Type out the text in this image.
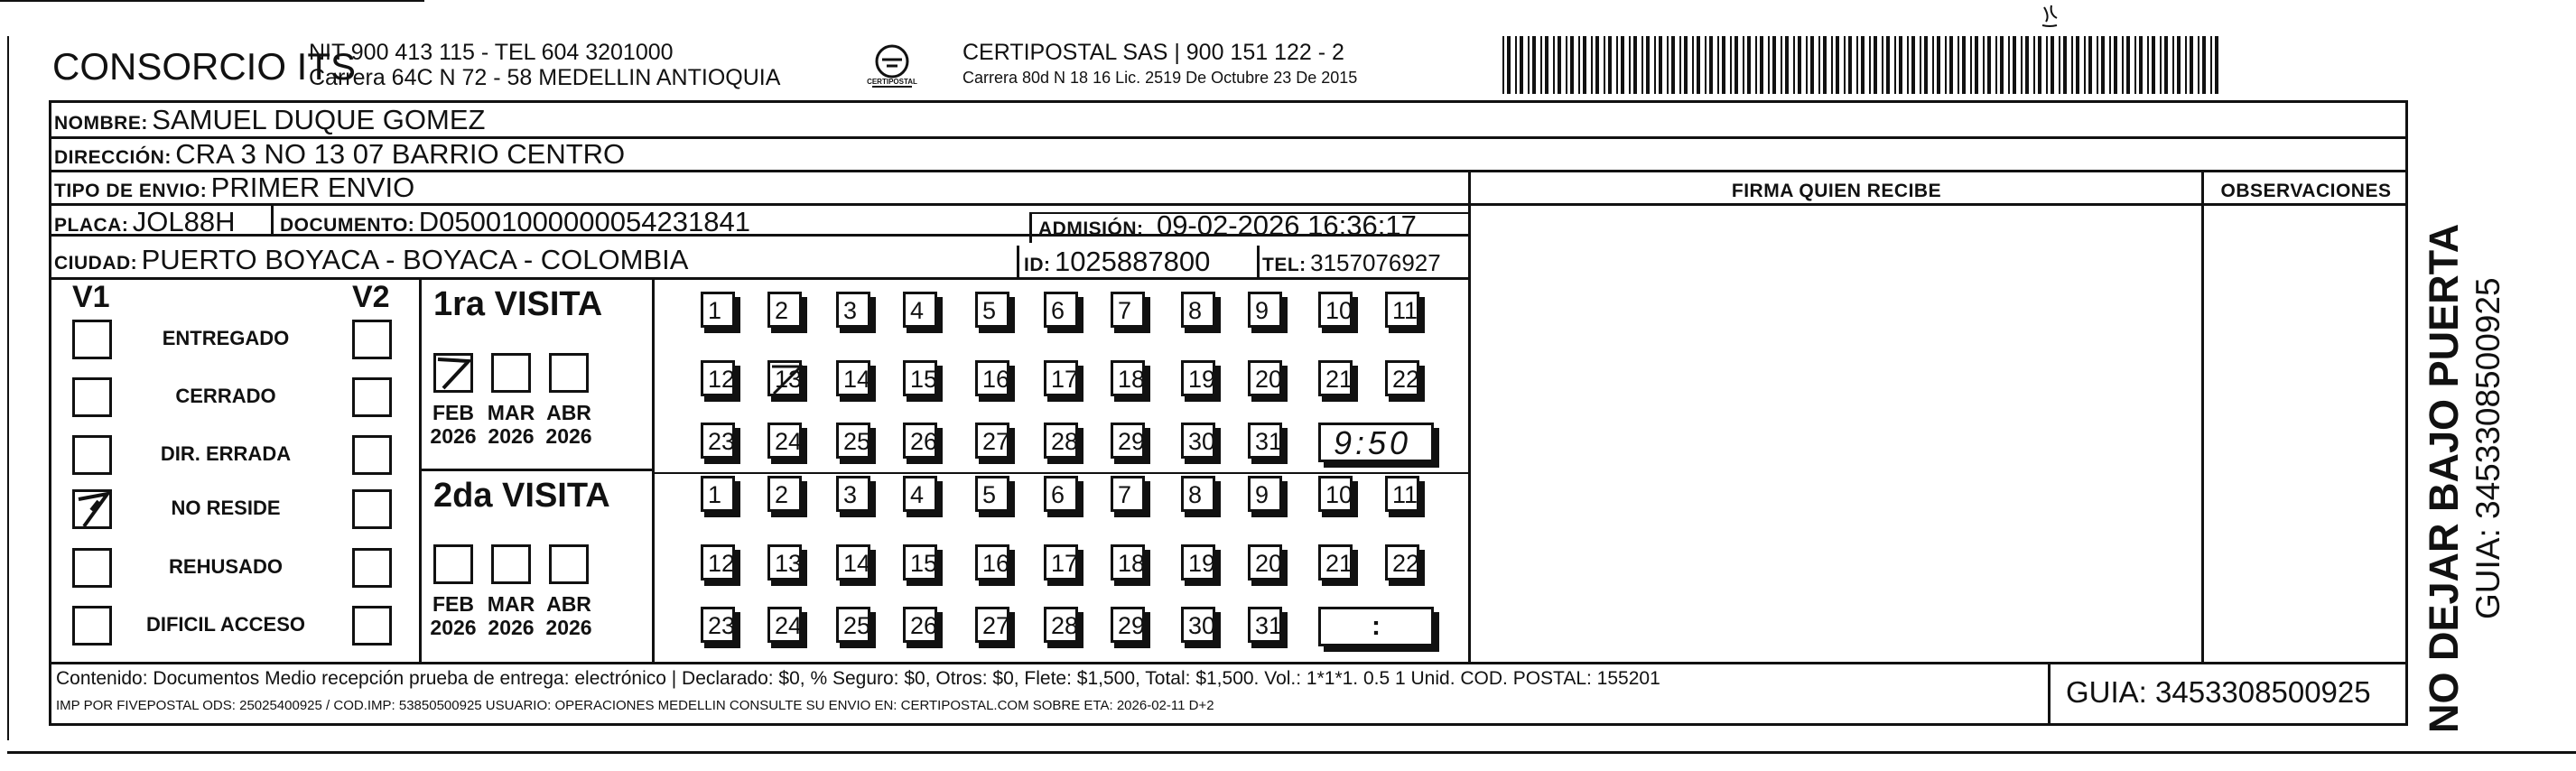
CONSORCIO ITS
NIT 900 413 115 - TEL 604 3201000
Carrera 64C N 72 - 58 MEDELLIN ANTIOQUIA	CERTIPOSTAL
CERTIPOSTAL SAS | 900 151 122 - 2
Carrera 80d N 18 16 Lic. 2519 De Octubre 23 De 2015
NOMBRE: SAMUEL DUQUE GOMEZ
DIRECCIÓN: CRA 3 NO 13 07 BARRIO CENTRO
TIPO DE ENVIO: PRIMER ENVIO	FIRMA QUIEN RECIBE	OBSERVACIONES
PLACA: JOL88H DOCUMENTO: D05001000000054231841	ADMISIÓN: 09-02-2026 16:36:17
CIUDAD: PUERTO BOYACA - BOYACA - COLOMBIA	ID: 1025887800	TEL: 3157076927
V1	V2
ENTREGADO
CERRADO
DIR. ERRADA
NO RESIDE
REHUSADO
DIFICIL ACCESO
1ra VISITA
2da VISITA
FEB
2026
MAR
2026
ABR
2026
FEB
2026
MAR
2026
ABR
2026
1	2	3	4	5	6	7	8	9	10 11
12 13 14 15 16 17 18 19 20 21 22
23 24 25 26 27 28 29 30 31 9:50
1	2	3	4	5	6	7	8	9	10 11
12 13 14 15 16 17 18 19 20 21 22
23 24 25 26 27 28 29 30 31	:
Contenido: Documentos Medio recepción prueba de entrega: electrónico | Declarado: $0, % Seguro: $0, Otros: $0, Flete: $1,500, Total: $1,500. Vol.: 1*1*1. 0.5 1 Unid. COD. POSTAL: 155201
IMP POR FIVEPOSTAL ODS: 25025400925 / COD.IMP: 53850500925 USUARIO: OPERACIONES MEDELLIN CONSULTE SU ENVIO EN: CERTIPOSTAL.COM SOBRE ETA: 2026-02-11 D+2	GUIA: 3453308500925 NO DEJAR BAJO PUERTA GUIA: 3453308500925
